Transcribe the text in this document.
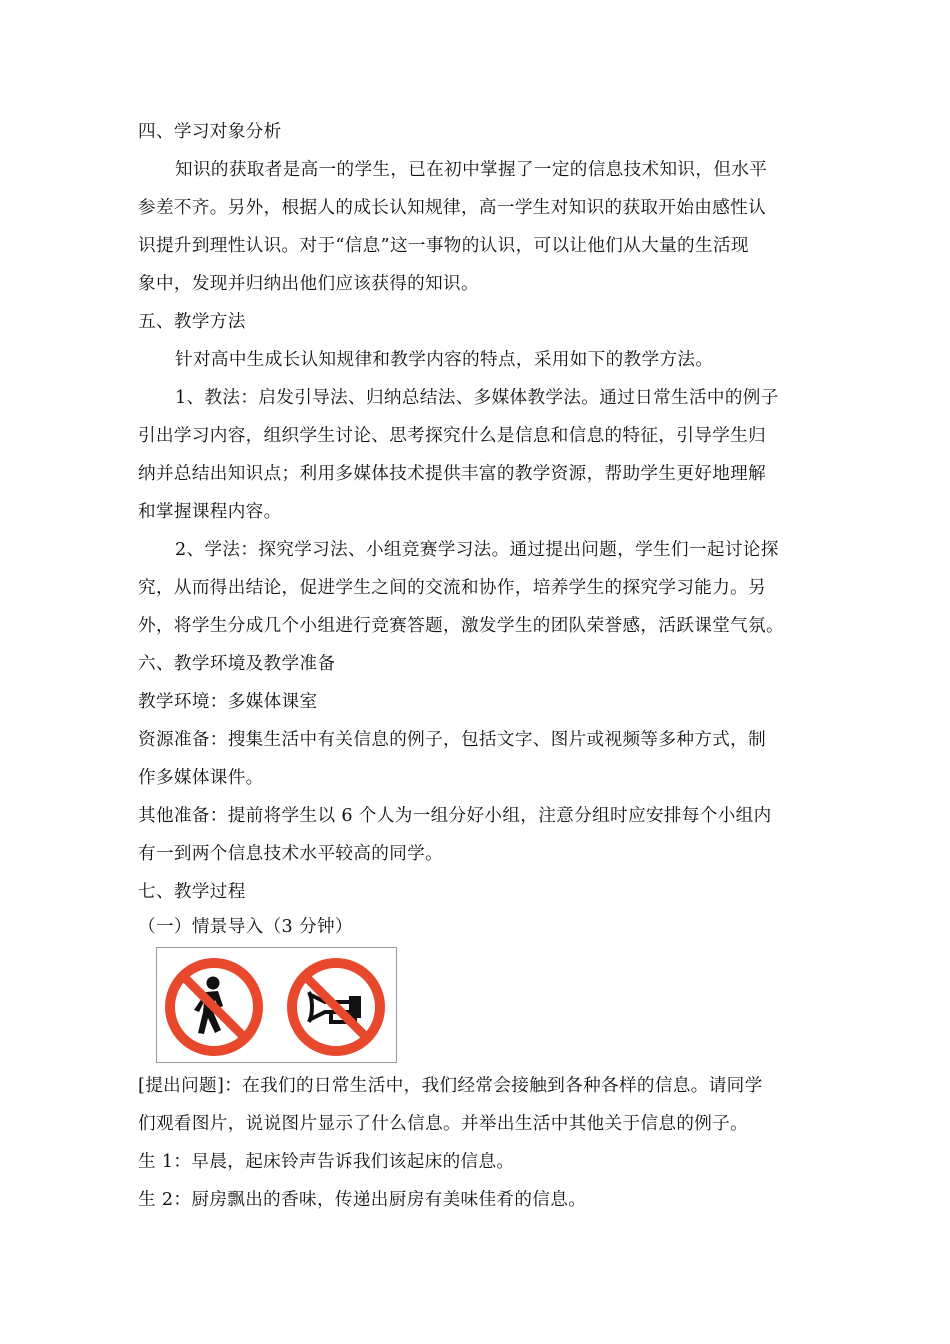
四、学习对象分析
知识的获取者是高一的学生，已在初中掌握了一定的信息技术知识，但水平
参差不齐。另外，根据人的成长认知规律，高一学生对知识的获取开始由感性认
识提升到理性认识。对于“信息”这一事物的认识，可以让他们从大量的生活现
象中，发现并归纳出他们应该获得的知识。
五、教学方法
针对高中生成长认知规律和教学内容的特点，采用如下的教学方法。
1、教法：启发引导法、归纳总结法、多媒体教学法。通过日常生活中的例子
引出学习内容，组织学生讨论、思考探究什么是信息和信息的特征，引导学生归
纳并总结出知识点；利用多媒体技术提供丰富的教学资源，帮助学生更好地理解
和掌握课程内容。
2、学法：探究学习法、小组竞赛学习法。通过提出问题，学生们一起讨论探
究，从而得出结论，促进学生之间的交流和协作，培养学生的探究学习能力。另
外，将学生分成几个小组进行竞赛答题，激发学生的团队荣誉感，活跃课堂气氛。
六、教学环境及教学准备
教学环境：多媒体课室
资源准备：搜集生活中有关信息的例子，包括文字、图片或视频等多种方式，制
作多媒体课件。
其他准备：提前将学生以 6 个人为一组分好小组，注意分组时应安排每个小组内
有一到两个信息技术水平较高的同学。
七、教学过程
（一）情景导入（3 分钟）
[提出问题]：在我们的日常生活中，我们经常会接触到各种各样的信息。请同学
们观看图片，说说图片显示了什么信息。并举出生活中其他关于信息的例子。
生 1：早晨，起床铃声告诉我们该起床的信息。
生 2：厨房飘出的香味，传递出厨房有美味佳肴的信息。
